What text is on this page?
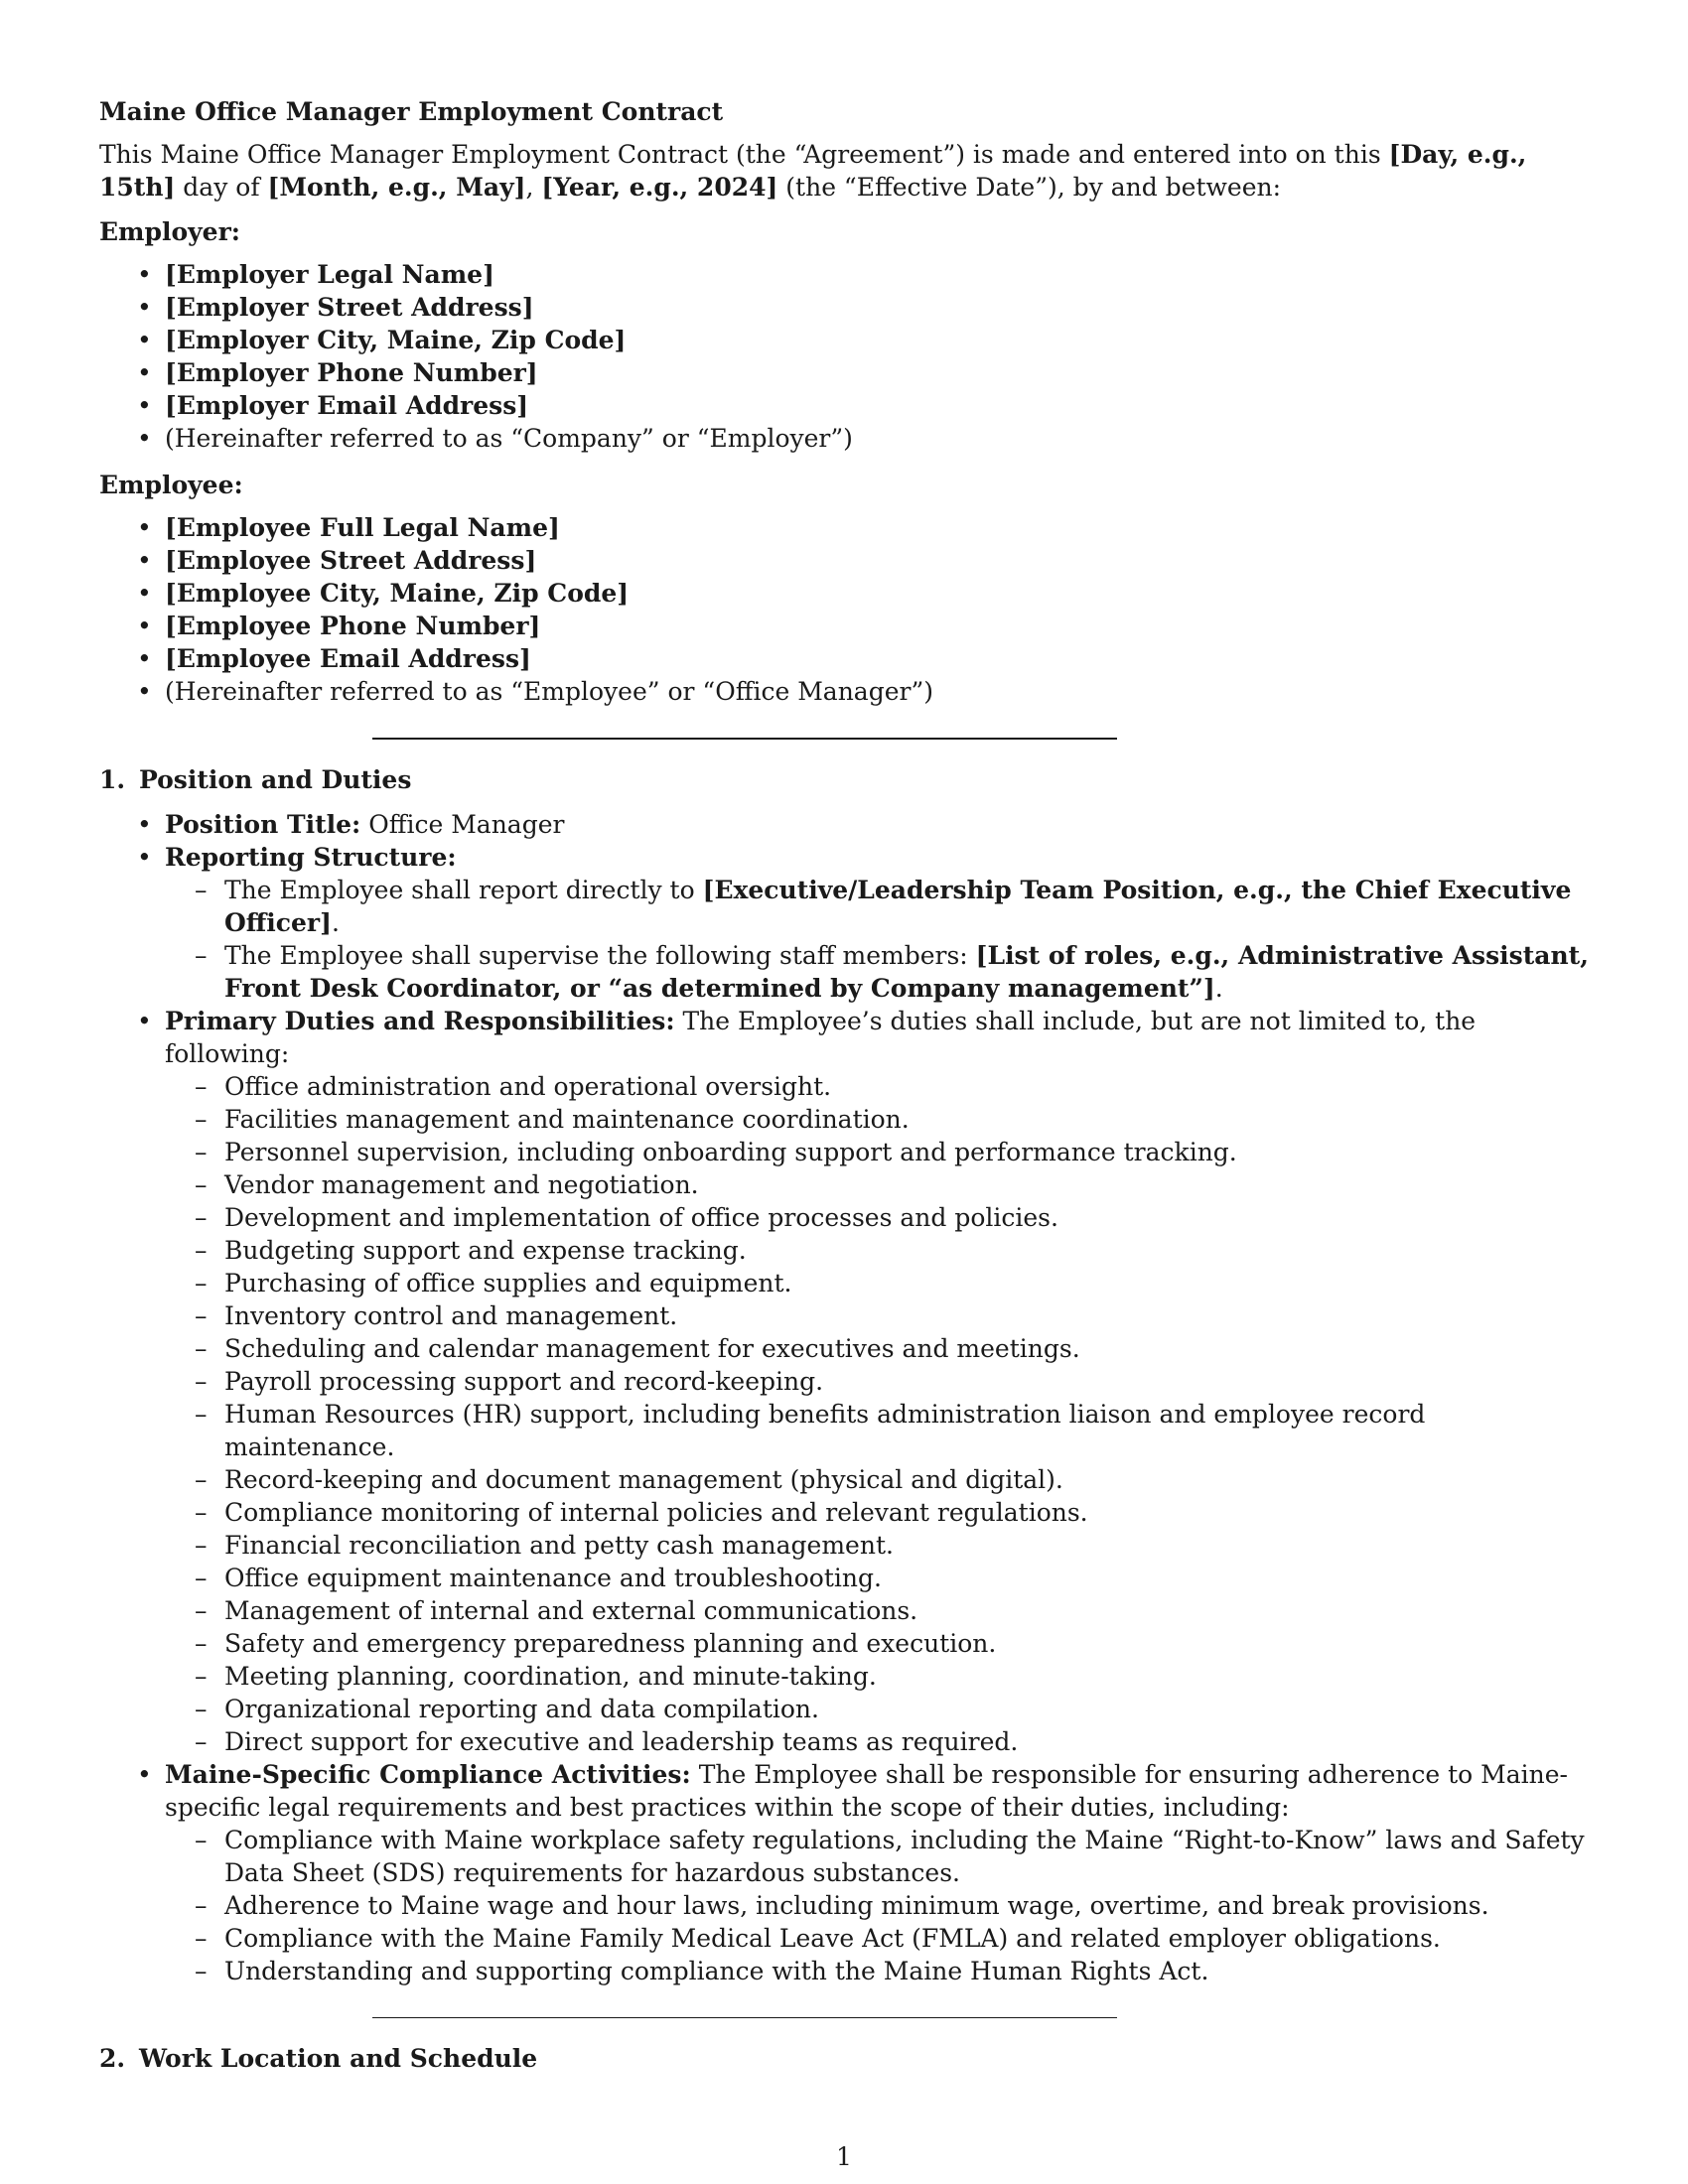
Maine Office Manager Employment Contract

This Maine Office Manager Employment Contract (the “Agreement”) is made and entered into on this [Day, e.g., 15th] day of [Month, e.g., May], [Year, e.g., 2024] (the “Effective Date”), by and between:

Employer:

• [Employer Legal Name]
• [Employer Street Address]
• [Employer City, Maine, Zip Code]
• [Employer Phone Number]
• [Employer Email Address]
• (Hereinafter referred to as “Company” or “Employer”)

Employee:

• [Employee Full Legal Name]
• [Employee Street Address]
• [Employee City, Maine, Zip Code]
• [Employee Phone Number]
• [Employee Email Address]
• (Hereinafter referred to as “Employee” or “Office Manager”)

1. Position and Duties

• Position Title: Office Manager
• Reporting Structure:
– The Employee shall report directly to [Executive/Leadership Team Position, e.g., the Chief Executive Officer].
– The Employee shall supervise the following staff members: [List of roles, e.g., Administrative Assistant, Front Desk Coordinator, or “as determined by Company management”].
• Primary Duties and Responsibilities: The Employee’s duties shall include, but are not limited to, the following:
– Office administration and operational oversight.
– Facilities management and maintenance coordination.
– Personnel supervision, including onboarding support and performance tracking.
– Vendor management and negotiation.
– Development and implementation of office processes and policies.
– Budgeting support and expense tracking.
– Purchasing of office supplies and equipment.
– Inventory control and management.
– Scheduling and calendar management for executives and meetings.
– Payroll processing support and record-keeping.
– Human Resources (HR) support, including benefits administration liaison and employee record maintenance.
– Record-keeping and document management (physical and digital).
– Compliance monitoring of internal policies and relevant regulations.
– Financial reconciliation and petty cash management.
– Office equipment maintenance and troubleshooting.
– Management of internal and external communications.
– Safety and emergency preparedness planning and execution.
– Meeting planning, coordination, and minute-taking.
– Organizational reporting and data compilation.
– Direct support for executive and leadership teams as required.
• Maine-Specific Compliance Activities: The Employee shall be responsible for ensuring adherence to Maine-specific legal requirements and best practices within the scope of their duties, including:
– Compliance with Maine workplace safety regulations, including the Maine “Right-to-Know” laws and Safety Data Sheet (SDS) requirements for hazardous substances.
– Adherence to Maine wage and hour laws, including minimum wage, overtime, and break provisions.
– Compliance with the Maine Family Medical Leave Act (FMLA) and related employer obligations.
– Understanding and supporting compliance with the Maine Human Rights Act.

2. Work Location and Schedule

1
